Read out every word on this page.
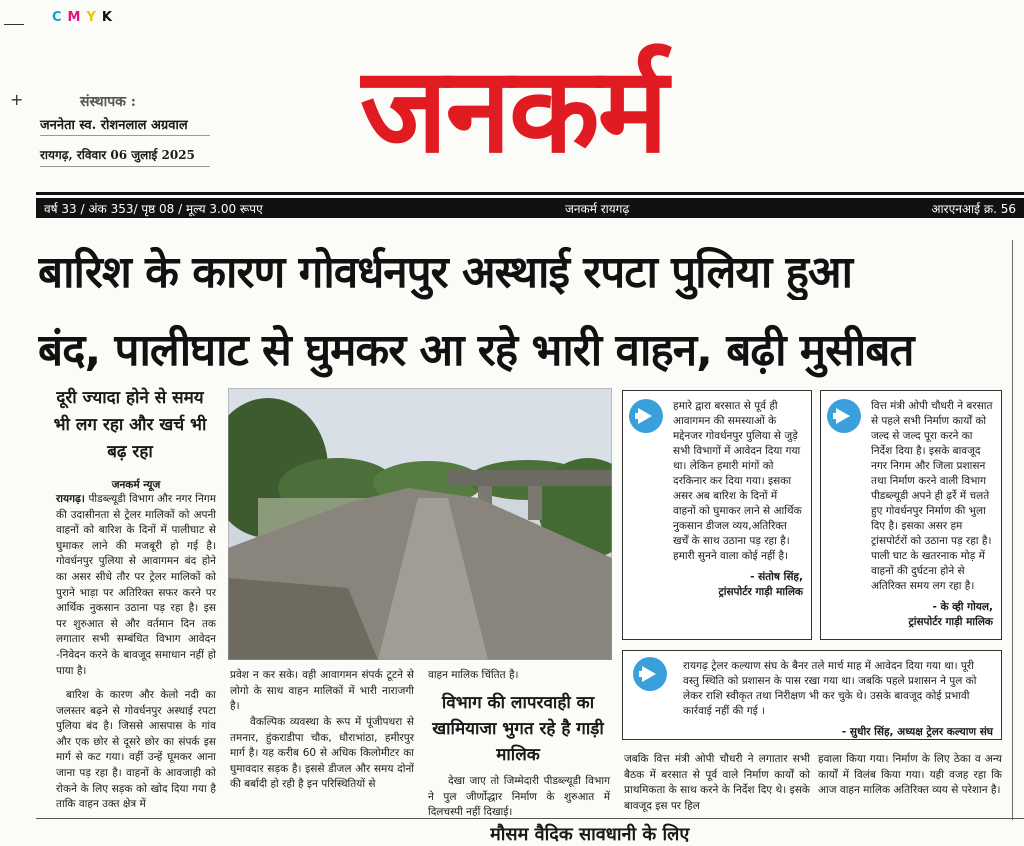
CMYK
+	संस्थापक :
जननेता स्व. रोशनलाल अग्रवाल
रायगढ़, रविवार 06 जुलाई 2025 जनकर्म
वर्ष 33 / अंक 353/ पृष्ठ 08 / मूल्य 3.00 रूपए	जनकर्म रायगढ़	आरएनआई क्र. 56
बारिश के कारण गोवर्धनपुर अस्थाई रपटा पुलिया हुआ
बंद, पालीघाट से घुमकर आ रहे भारी वाहन, बढ़ी मुसीबत
दूरी ज्यादा होने से समय भी लग रहा और खर्च भी बढ़ रहा
जनकर्म न्यूज
रायगढ़। पीडब्ल्यूडी विभाग और नगर निगम की उदासीनता से ट्रेलर मालिकों को अपनी वाहनों को बारिश के दिनों में पालीघाट से घुमाकर लाने की मजबूरी हो गई है। गोवर्धनपुर पुलिया से आवागमन बंद होने का असर सीधे तौर पर ट्रेलर मालिकों को पुराने भाड़ा पर अतिरिक्त सफर करने पर आर्थिक नुकसान उठाना पड़ रहा है। इस पर शुरुआत से और वर्तमान दिन तक लगातार सभी सम्बंधित विभाग आवेदन -निवेदन करने के बावजूद समाधान नहीं हो पाया है।
बारिश के कारण और केलो नदी का जलस्तर बढ़ने से गोवर्धनपुर अस्थाई रपटा पुलिया बंद है। जिससे आसपास के गांव और एक छोर से दूसरे छोर का संपर्क इस मार्ग से कट गया। वहीं उन्हें घूमकर आना जाना पड़ रहा है। वाहनों के आवजाही को रोकने के लिए सड़क को खोद दिया गया है ताकि वाहन उक्त क्षेत्र में
प्रवेश न कर सके। वही आवागमन संपर्क टूटने से लोगो के साथ वाहन मालिकों में भारी नाराजगी है।
वैकल्पिक व्यवस्था के रूप में पूंजीपथरा से तमनार, हुंकराडीपा चौक, धौराभांठा, हमीरपुर मार्ग है। यह करीब 60 से अधिक किलोमीटर का घुमावदार सड़क है। इससे डीजल और समय दोनों की बर्बादी हो रही है इन परिस्थितियों से
वाहन मालिक चिंतित है।
विभाग की लापरवाही का खामियाजा भुगत रहे है गाड़ी मालिक
देखा जाए तो जिम्मेदारी पीडब्ल्यूडी विभाग ने पुल जीर्णोद्धार निर्माण के शुरुआत में दिलचस्पी नहीं दिखाई।
हमारे द्वारा बरसात से पूर्व ही आवागमन की समस्याओं के मद्देनजर गोवर्धनपुर पुलिया से जुड़े सभी विभागों में आवेदन दिया गया था। लेकिन हमारी मांगों को दरकिनार कर दिया गया। इसका असर अब बारिश के दिनों में वाहनों को घुमाकर लाने से आर्थिक नुकसान डीजल व्यय,अतिरिक्त खर्चें के साथ उठाना पड़ रहा है। हमारी सुनने वाला कोई नहीं है।
- संतोष सिंह,
ट्रांसपोर्टर गाड़ी मालिक
वित्त मंत्री ओपी चौधरी ने बरसात से पहले सभी निर्माण कार्यों को जल्द से जल्द पूरा करने का निर्देश दिया है। इसके बावजूद नगर निगम और जिला प्रशासन तथा निर्माण करने वाली विभाग पीडब्ल्यूडी अपने ही ढ़र्रे में चलते हुए गोवर्धनपुर निर्माण की भुला दिए है। इसका असर हम ट्रांसपोर्टरों को उठाना पड़ रहा है। पाली घाट के खतरनाक मोड़ में वाहनों की दुर्घटना होने से अतिरिक्त समय लग रहा है।
- के व्ही गोयल,
ट्रांसपोर्टर गाड़ी मालिक
रायगढ़ ट्रेलर कल्याण संघ के बैनर तले मार्च माह में आवेदन दिया गया था। पूरी वस्तु स्थिति को प्रशासन के पास रखा गया था। जबकि पहले प्रशासन ने पुल को लेकर राशि स्वीकृत तथा निरीक्षण भी कर चुके थे। उसके बावजूद कोई प्रभावी कार्रवाई नहीं की गई ।
- सुधीर सिंह, अध्यक्ष ट्रेलर कल्याण संघ
जबकि वित्त मंत्री ओपी चौधरी ने लगातार सभी बैठक में बरसात से पूर्व वाले निर्माण कार्यों को प्राथमिकता के साथ करने के निर्देश दिए थे। इसके बावजूद इस पर हिल
हवाला किया गया। निर्माण के लिए ठेका व अन्य कार्यों में विलंब किया गया। यही वजह रहा कि आज वाहन मालिक अतिरिक्त व्यय से परेशान है।
मौसम वैदिक सावधानी के लिए
